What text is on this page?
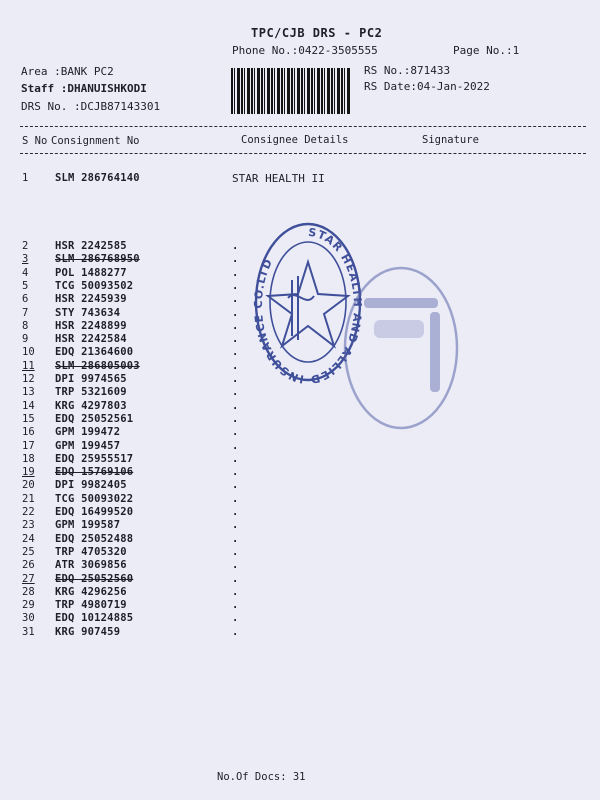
TPC/CJB DRS - PC2
Phone No.:0422-3505555	Page No.:1
Area :BANK PC2
Staff :DHANUISHKODI
DRS No. :DCJB87143301
RS No.:871433
RS Date:04-Jan-2022
S No Consignment No	Consignee Details	Signature
1	SLM 286764140	STAR HEALTH II
2	HSR 2242585	.
3	SLM 286768950	.
4	POL 1488277	.
5	TCG 50093502	.
6	HSR 2245939	.
7	STY 743634	.
8	HSR 2248899	.
9	HSR 2242584	.
10 EDQ 21364600	.
11 SLM 286805003	.
12 DPI 9974565	.
13 TRP 5321609	.
14 KRG 4297803	.
15 EDQ 25052561	.
16 GPM 199472	.
17 GPM 199457	.
18 EDQ 25955517	.
19 EDQ 15769106	.
20 DPI 9982405	.
21 TCG 50093022	.
22 EDQ 16499520	.
23 GPM 199587	.
24 EDQ 25052488	.
25 TRP 4705320	.
26 ATR 3069856	.
27 EDQ 25052560	.
28 KRG 4296256	.
29 TRP 4980719	.
30 EDQ 10124885	.
31 KRG 907459	.
STAR HEALTH AND ALLIED INSURANCE CO.LTD
No.Of Docs: 31
